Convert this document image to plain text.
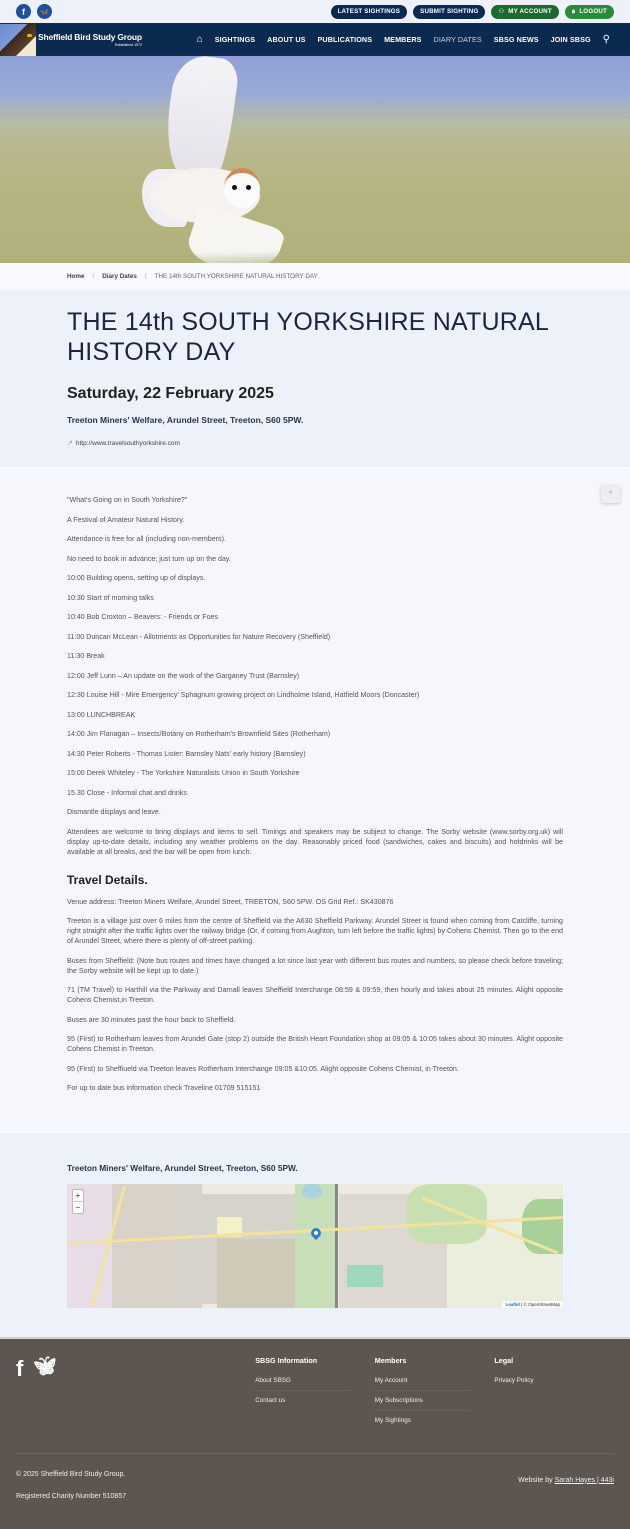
f	🦋	LATEST SIGHTINGS	SUBMIT SIGHTING	⚇ MY ACCOUNT	🔒︎ LOGOUT
Sheffield Bird Study Group
Established 1972	⌂	SIGHTINGS	ABOUT US	PUBLICATIONS	MEMBERS	DIARY DATES	SBSG NEWS	JOIN SBSG	⚲
Home / Diary Dates / THE 14th SOUTH YORKSHIRE NATURAL HISTORY DAY
THE 14th SOUTH YORKSHIRE NATURAL HISTORY DAY
Saturday, 22 February 2025
Treeton Miners' Welfare, Arundel Street, Treeton, S60 5PW.
↗ http://www.travelsouthyorkshire.com
^

"What's Going on in South Yorkshire?"

A Festival of Amateur Natural History.

Attendance is free for all (including non-members).

No need to book in advance; just turn up on the day.

10:00 Building opens, setting up of displays.

10:30 Start of morning talks

10:40 Bob Croxton – Beavers: - Friends or Foes

11:00 Duncan McLean - Allotments as Opportunities for Nature Recovery (Sheffield)

11:30 Break

12:00 Jeff Lunn – An update on the work of the Garganey Trust (Barnsley)

12:30 Louise Hill - Mire Emergency' Sphagnum growing project on Lindholme Island, Hatfield Moors (Doncaster)

13:00 LUNCHBREAK

14:00 Jim Flanagan – Insects/Botany on Rotherham's Brownfield Sites (Rotherham)

14:30 Peter Roberts - Thomas Lister: Barnsley Nats' early history (Barnsley)

15:00 Derek Whiteley - The Yorkshire Naturalists Union in South Yorkshire

15.30 Close - Informal chat and drinks

Dismantle displays and leave.

Attendees are welcome to bring displays and items to sell. Timings and speakers may be subject to change. The Sorby website (www.sorby.org.uk) will display up-to-date details, including any weather problems on the day. Reasonably priced food (sandwiches, cakes and biscuits) and hotdrinks will be available at all breaks, and the bar will be open from lunch.

Travel Details.

Venue address: Treeton Miners Welfare, Arundel Street, TREETON, S60 5PW. OS Grid Ref.: SK430876

Treeton is a village just over 6 miles from the centre of Sheffield via the A630 Sheffield Parkway. Arundel Street is found when coming from Catcliffe, turning right straight after the traffic lights over the railway bridge (Or, if coming from Aughton, turn left before the traffic lights) by Cohens Chemist. Then go to the end of Arundel Street, where there is plenty of off-street parking.

Buses from Sheffield: (Note bus routes and times have changed a lot since last year with different bus routes and numbers, so please check before traveling; the Sorby website will be kept up to date.)

71 (TM Travel) to Harthill via the Parkway and Darnall leaves Sheffield Interchange 08:59 & 09:59, then hourly and takes about 25 minutes. Alight opposite Cohens Chemist,in Treeton.

Buses are 30 minutes past the hour back to Sheffield.

95 (First) to Rotherham leaves from Arundel Gate (stop 2) outside the British Heart Foundation shop at 09:05 & 10:05 takes about 30 minutes. Alight opposite Cohens Chemist in Treeton.

95 (First) to Sheffiueld via Treeton leaves Rotherham Interchange 09:05 &10:05. Alight opposite Cohens Chemist, in Treeton.

For up to date bus information check Traveline 01709 515151

Treeton Miners' Welfare, Arundel Street, Treeton, S60 5PW.
+
−
Leaflet | © OpenStreetMap
f 🦋︎	SBSG Information
About SBSG
Contact us
Members
My Account
My Subscriptions
My Sightings
Legal
Privacy Policy
© 2025 Sheffield Bird Study Group.
Registered Charity Number 510857
Website by Sarah Hayes | 443i
